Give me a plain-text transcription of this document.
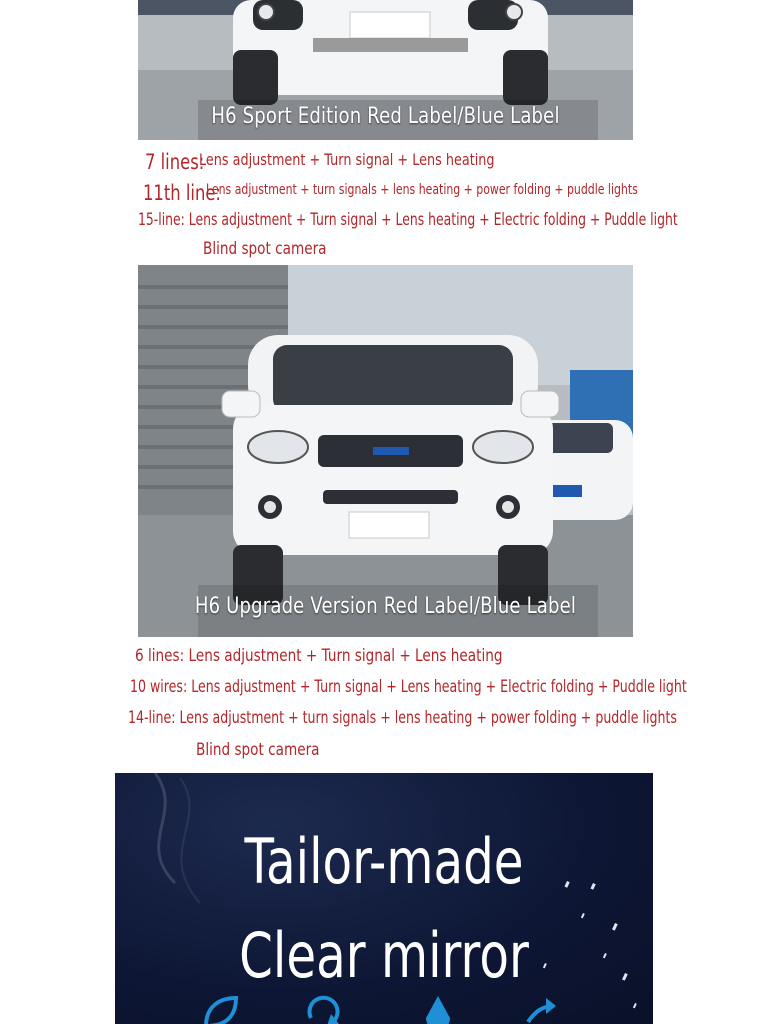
H6 Sport Edition Red Label/Blue Label
7 lines:
Lens adjustment + Turn signal + Lens heating
11th line:
Lens adjustment + turn signals + lens heating + power folding + puddle lights
15-line: Lens adjustment + Turn signal + Lens heating + Electric folding + Puddle light
Blind spot camera
H6 Upgrade Version Red Label/Blue Label
6 lines: Lens adjustment + Turn signal + Lens heating
10 wires: Lens adjustment + Turn signal + Lens heating + Electric folding + Puddle light
14-line: Lens adjustment + turn signals + lens heating + power folding + puddle lights
Blind spot camera
Tailor-made
Clear mirror
